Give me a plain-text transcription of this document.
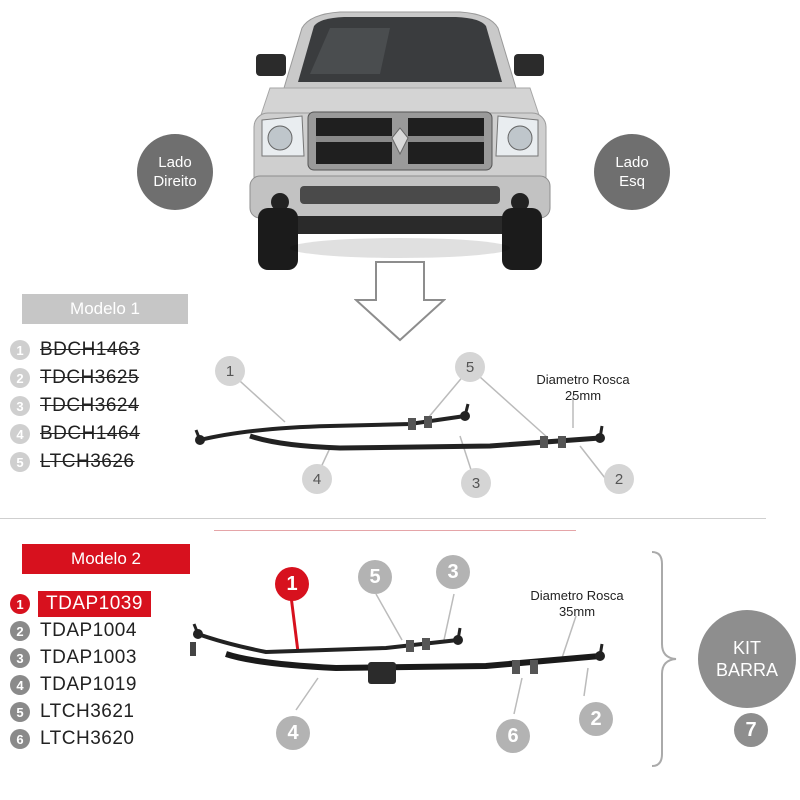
Lado
Direito
Lado
Esq
Modelo 1
1 BDCH1463
2 TDCH3625
3 TDCH3624
4 BDCH1464
5 LTCH3626
1	5
2
4	3
Diametro Rosca
25mm
Modelo 2
1	TDAP1039
2 TDAP1004
3 TDAP1003
4 TDAP1019
5 LTCH3621
6 LTCH3620
1	5	3
2
4	6
Diametro Rosca
35mm
KIT
BARRA
7
